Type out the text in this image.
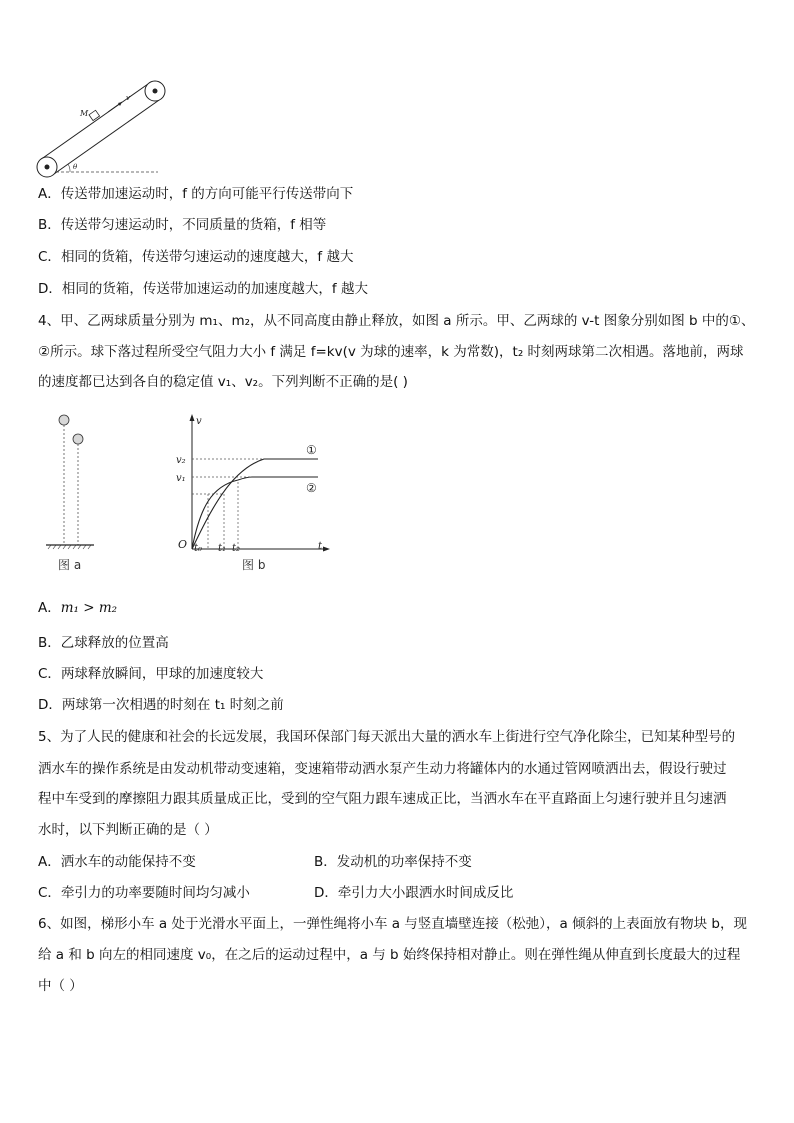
M
v
θ
A．传送带加速运动时，f 的方向可能平行传送带向下
B．传送带匀速运动时，不同质量的货箱，f 相等
C．相同的货箱，传送带匀速运动的速度越大，f 越大
D．相同的货箱，传送带加速运动的加速度越大，f 越大
4、甲、乙两球质量分别为 m₁、m₂，从不同高度由静止释放，如图 a 所示。甲、乙两球的 v-t 图象分别如图 b 中的①、
②所示。球下落过程所受空气阻力大小 f 满足 f=kv(v 为球的速率，k 为常数)，t₂ 时刻两球第二次相遇。落地前，两球
的速度都已达到各自的稳定值 v₁、v₂。下列判断不正确的是( )
图 a
v
t
O
v₂
v₁
t₀ t₁ t₂
①
②
图 b
A．m₁ > m₂
B．乙球释放的位置高
C．两球释放瞬间，甲球的加速度较大
D．两球第一次相遇的时刻在 t₁ 时刻之前
5、为了人民的健康和社会的长远发展，我国环保部门每天派出大量的洒水车上街进行空气净化除尘，已知某种型号的
洒水车的操作系统是由发动机带动变速箱，变速箱带动洒水泵产生动力将罐体内的水通过管网喷洒出去，假设行驶过
程中车受到的摩擦阻力跟其质量成正比，受到的空气阻力跟车速成正比，当洒水车在平直路面上匀速行驶并且匀速洒
水时，以下判断正确的是（ ）
A．洒水车的动能保持不变	B．发动机的功率保持不变
C．牵引力的功率要随时间均匀减小	D．牵引力大小跟洒水时间成反比
6、如图，梯形小车 a 处于光滑水平面上，一弹性绳将小车 a 与竖直墙壁连接（松弛），a 倾斜的上表面放有物块 b，现
给 a 和 b 向左的相同速度 v₀，在之后的运动过程中，a 与 b 始终保持相对静止。则在弹性绳从伸直到长度最大的过程
中（ ）
